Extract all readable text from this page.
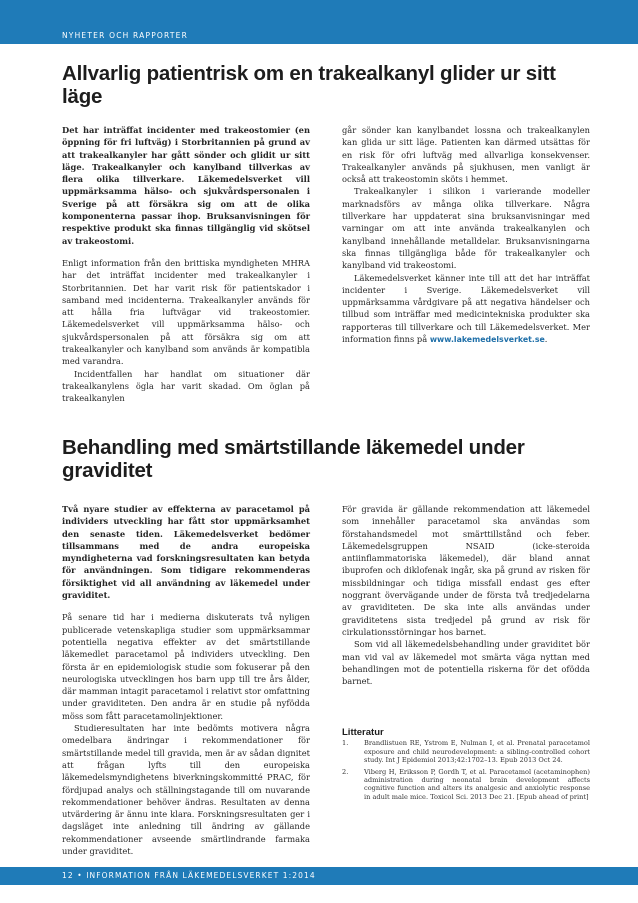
NYHETER OCH RAPPORTER
Allvarlig patientrisk om en trakealkanyl glider ur sitt läge

Det har inträffat incidenter med trakeostomier (en öppning för fri luftväg) i Storbritannien på grund av att trakealkanyler har gått sönder och glidit ur sitt läge. Trakealkanyler och kanylband tillverkas av flera olika tillverkare. Läkemedelsverket vill uppmärksamma hälso- och sjukvårdspersonalen i Sverige på att försäkra sig om att de olika komponenterna passar ihop. Bruksanvisningen för respektive produkt ska finnas tillgänglig vid skötsel av trakeostomi.

Enligt information från den brittiska myndigheten MHRA har det inträffat incidenter med trakealkanyler i Storbritannien. Det har varit risk för patientskador i samband med incidenterna. Trakealkanyler används för att hålla fria luftvägar vid trakeostomier. Läkemedelsverket vill uppmärksamma hälso- och sjukvårdspersonalen på att försäkra sig om att trakealkanyler och kanylband som används är kompatibla med varandra.

Incidentfallen har handlat om situationer där trakealkanylens ögla har varit skadad. Om öglan på trakealkanylen

går sönder kan kanylbandet lossna och trakealkanylen kan glida ur sitt läge. Patienten kan därmed utsättas för en risk för ofri luftväg med allvarliga konsekvenser. Trakealkanyler används på sjukhusen, men vanligt är också att trakeostomin sköts i hemmet.

Trakealkanyler i silikon i varierande modeller marknadsförs av många olika tillverkare. Några tillverkare har uppdaterat sina bruksanvisningar med varningar om att inte använda trakealkanylen och kanylband innehållande metalldelar. Bruksanvisningarna ska finnas tillgängliga både för trakealkanyler och kanylband vid trakeostomi.

Läkemedelsverket känner inte till att det har inträffat incidenter i Sverige. Läkemedelsverket vill uppmärksamma vårdgivare på att negativa händelser och tillbud som inträffar med medicintekniska produkter ska rapporteras till tillverkare och till Läkemedelsverket. Mer information finns på www.lakemedelsverket.se.

Behandling med smärtstillande läkemedel under graviditet

Två nyare studier av effekterna av paracetamol på individers utveckling har fått stor uppmärksamhet den senaste tiden. Läkemedelsverket bedömer tillsammans med de andra europeiska myndigheterna vad forskningsresultaten kan betyda för användningen. Som tidigare rekommenderas försiktighet vid all användning av läkemedel under graviditet.

På senare tid har i medierna diskuterats två nyligen publicerade vetenskapliga studier som uppmärksammar potentiella negativa effekter av det smärtstillande läkemedlet paracetamol på individers utveckling. Den första är en epidemiologisk studie som fokuserar på den neurologiska utvecklingen hos barn upp till tre års ålder, där mamman intagit paracetamol i relativt stor omfattning under graviditeten. Den andra är en studie på nyfödda möss som fått paracetamolinjektioner.

Studieresultaten har inte bedömts motivera några omedelbara ändringar i rekommendationer för smärtstillande medel till gravida, men är av sådan dignitet att frågan lyfts till den europeiska läkemedelsmyndighetens biverkningskommitté PRAC, för fördjupad analys och ställningstagande till om nuvarande rekommendationer behöver ändras. Resultaten av denna utvärdering är ännu inte klara. Forskningsresultaten ger i dagsläget inte anledning till ändring av gällande rekommendationer avseende smärtlindrande farmaka under graviditet.

För gravida är gällande rekommendation att läkemedel som innehåller paracetamol ska användas som förstahandsmedel mot smärttillstånd och feber. Läkemedelsgruppen NSAID (icke-steroida antiinflammatoriska läkemedel), där bland annat ibuprofen och diklofenak ingår, ska på grund av risken för missbildningar och tidiga missfall endast ges efter noggrant övervägande under de första två tredjedelarna av graviditeten. De ska inte alls användas under graviditetens sista tredjedel på grund av risk för cirkulationsstörningar hos barnet.

Som vid all läkemedelsbehandling under graviditet bör man vid val av läkemedel mot smärta väga nyttan med behandlingen mot de potentiella riskerna för det ofödda barnet.

Litteratur

1. Brandlistuen RE, Ystrom E, Nulman I, et al. Prenatal paracetamol exposure and child neurodevelopment: a sibling-controlled cohort study. Int J Epidemiol 2013;42:1702–13. Epub 2013 Oct 24.
2. Viberg H, Eriksson P, Gordh T, et al. Paracetamol (acetaminophen) administration during neonatal brain development affects cognitive function and alters its analgesic and anxiolytic response in adult male mice. Toxicol Sci. 2013 Dec 21. [Epub ahead of print]
12 • INFORMATION FRÅN LÄKEMEDELSVERKET 1:2014
